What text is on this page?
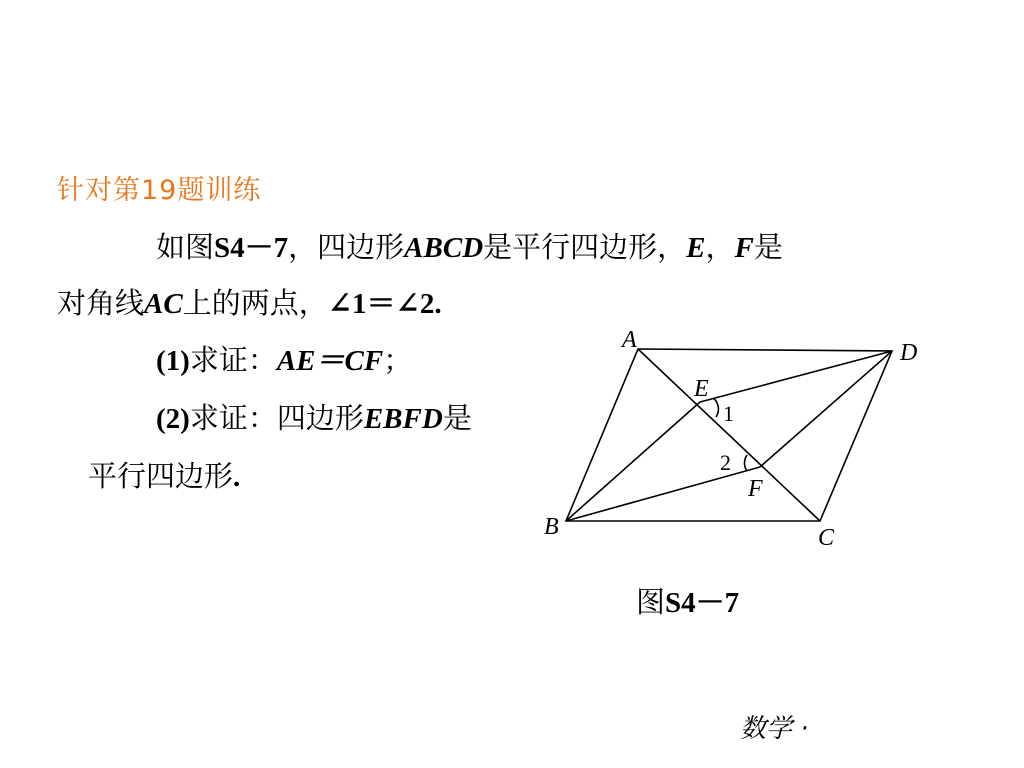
针对第19题训练
如图S4－7，四边形ABCD是平行四边形，E，F是
对角线AC上的两点，∠1＝∠2.
(1)求证：AE＝CF；
(2)求证：四边形EBFD是
平行四边形.
A	D
E
F
B	C
1
2
图S4－7
数学 ·
